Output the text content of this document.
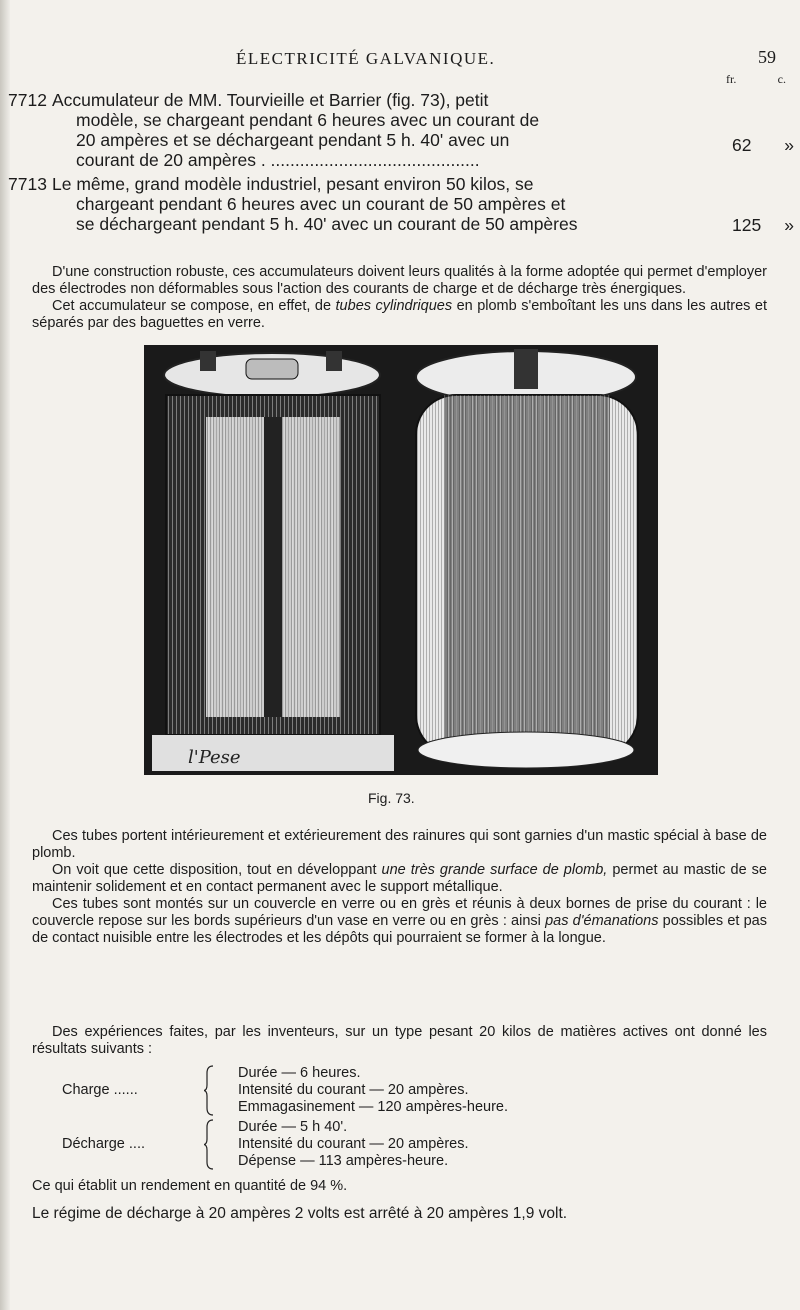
ÉLECTRICITÉ GALVANIQUE.	59
fr.	c.
7712 Accumulateur de MM. Tourvieille et Barrier (fig. 73), petit
modèle, se chargeant pendant 6 heures avec un courant de
20 ampères et se déchargeant pendant 5 h. 40' avec un
courant de 20 ampères . ...........................................
62 »
7713 Le même, grand modèle industriel, pesant environ 50 kilos, se
chargeant pendant 6 heures avec un courant de 50 ampères et
se déchargeant pendant 5 h. 40' avec un courant de 50 ampères	125 »

D'une construction robuste, ces accumulateurs doivent leurs qualités à la forme adoptée qui permet d'employer des électrodes non déformables sous l'action des courants de charge et de décharge très énergiques.

Cet accumulateur se compose, en effet, de tubes cylindriques en plomb s'emboîtant les uns dans les autres et séparés par des baguettes en verre.

l'Pese
Fig. 73.

Ces tubes portent intérieurement et extérieurement des rainures qui sont garnies d'un mastic spécial à base de plomb.

On voit que cette disposition, tout en développant une très grande surface de plomb, permet au mastic de se maintenir solidement et en contact permanent avec le support métallique.

Ces tubes sont montés sur un couvercle en verre ou en grès et réunis à deux bornes de prise du courant : le couvercle repose sur les bords supérieurs d'un vase en verre ou en grès : ainsi pas d'émanations possibles et pas de contact nuisible entre les électrodes et les dépôts qui pourraient se former à la longue.

Des expériences faites, par les inventeurs, sur un type pesant 20 kilos de matières actives ont donné les résultats suivants :

Charge ......
Durée — 6 heures.
Intensité du courant — 20 ampères.
Emmagasinement — 120 ampères-heure.
Décharge ....
Durée — 5 h 40'.
Intensité du courant — 20 ampères.
Dépense — 113 ampères-heure.
Ce qui établit un rendement en quantité de 94 %.
Le régime de décharge à 20 ampères 2 volts est arrêté à 20 ampères 1,9 volt.
